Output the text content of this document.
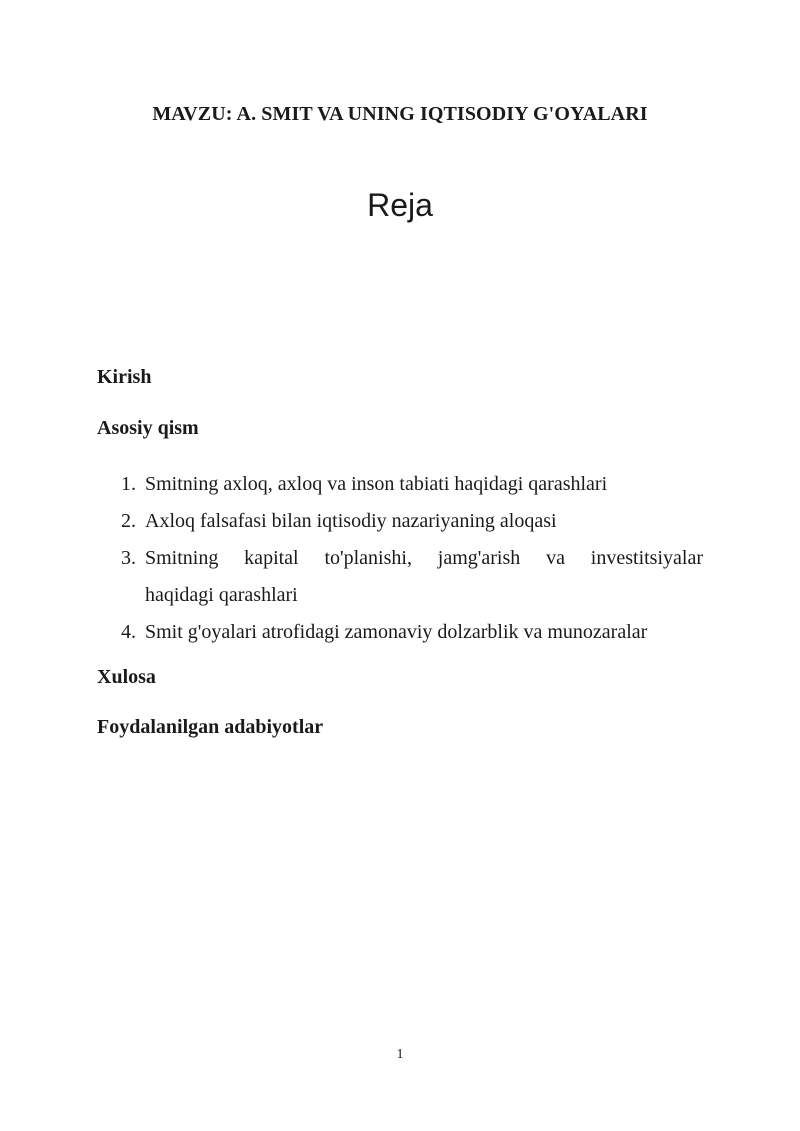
MAVZU: A. SMIT VA UNING IQTISODIY G'OYALARI
Reja

Kirish

Asosiy qism

1. Smitning axloq, axloq va inson tabiati haqidagi qarashlari
2. Axloq falsafasi bilan iqtisodiy nazariyaning aloqasi
3. Smitning kapital to'planishi, jamg'arish va investitsiyalar
haqidagi qarashlari
4. Smit g'oyalari atrofidagi zamonaviy dolzarblik va munozaralar

Xulosa

Foydalanilgan adabiyotlar

1
